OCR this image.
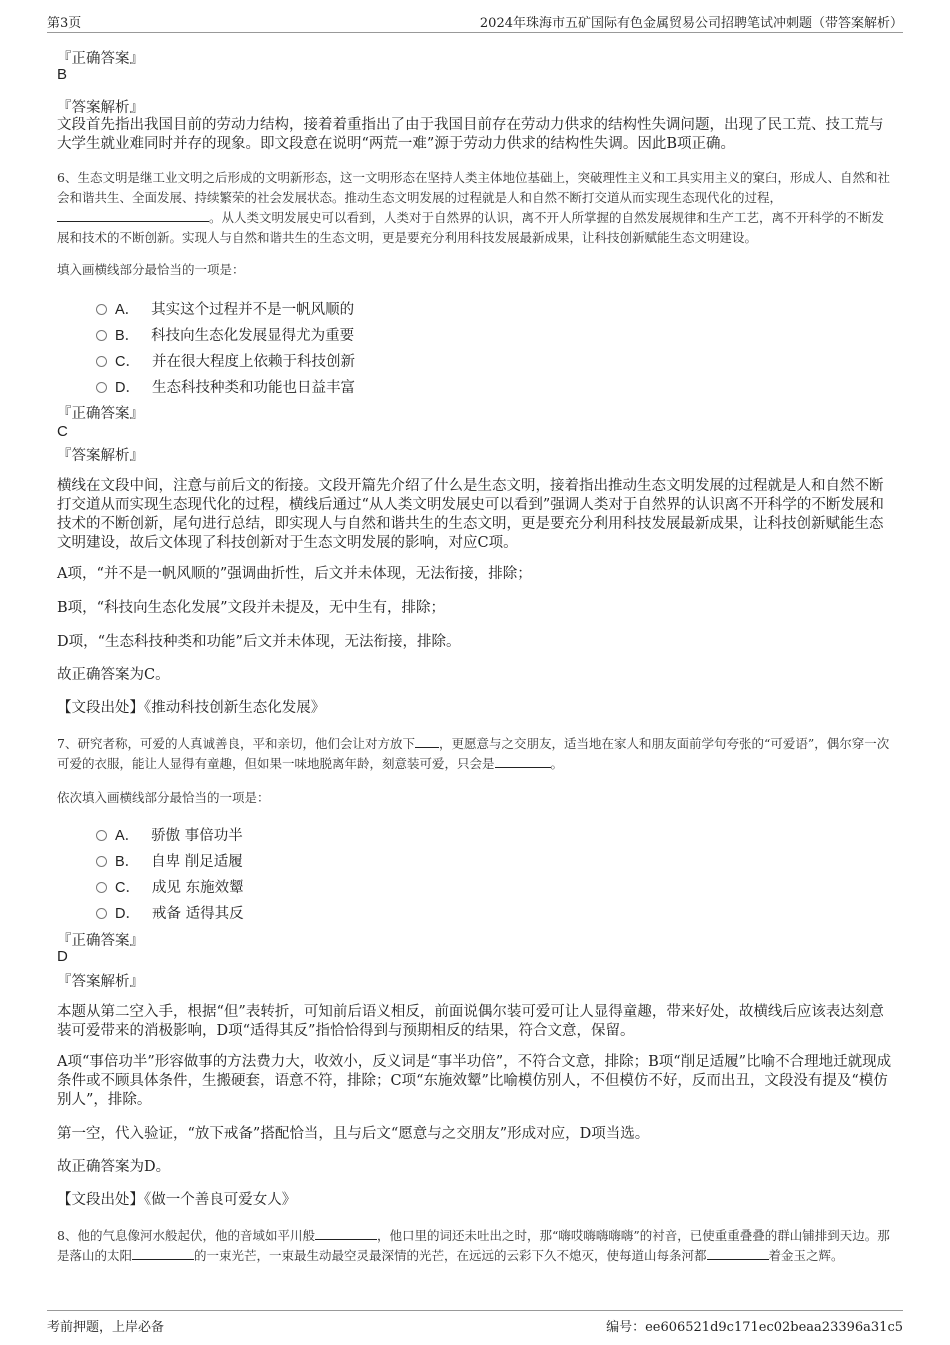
第3页	2024年珠海市五矿国际有色金属贸易公司招聘笔试冲刺题（带答案解析）
『正确答案』
B
『答案解析』

文段首先指出我国目前的劳动力结构，接着着重指出了由于我国目前存在劳动力供求的结构性失调问题，出现了民工荒、技工荒与大学生就业难同时并存的现象。即文段意在说明“两荒一难”源于劳动力供求的结构性失调。因此B项正确。

6、生态文明是继工业文明之后形成的文明新形态，这一文明形态在坚持人类主体地位基础上，突破理性主义和工具实用主义的窠臼，形成人、自然和社会和谐共生、全面发展、持续繁荣的社会发展状态。推动生态文明发展的过程就是人和自然不断打交道从而实现生态现代化的过程，。从人类文明发展史可以看到，人类对于自然界的认识，离不开人所掌握的自然发展规律和生产工艺，离不开科学的不断发展和技术的不断创新。实现人与自然和谐共生的生态文明，更是要充分利用科技发展最新成果，让科技创新赋能生态文明建设。

填入画横线部分最恰当的一项是：
A． 其实这个过程并不是一帆风顺的
B． 科技向生态化发展显得尤为重要
C． 并在很大程度上依赖于科技创新
D． 生态科技种类和功能也日益丰富
『正确答案』
C
『答案解析』

横线在文段中间，注意与前后文的衔接。文段开篇先介绍了什么是生态文明，接着指出推动生态文明发展的过程就是人和自然不断打交道从而实现生态现代化的过程，横线后通过“从人类文明发展史可以看到”强调人类对于自然界的认识离不开科学的不断发展和技术的不断创新，尾句进行总结，即实现人与自然和谐共生的生态文明，更是要充分利用科技发展最新成果，让科技创新赋能生态文明建设，故后文体现了科技创新对于生态文明发展的影响，对应C项。

A项，“并不是一帆风顺的”强调曲折性，后文并未体现，无法衔接，排除；

B项，“科技向生态化发展”文段并未提及，无中生有，排除；

D项，“生态科技种类和功能”后文并未体现，无法衔接，排除。

故正确答案为C。

【文段出处】《推动科技创新生态化发展》

7、研究者称，可爱的人真诚善良，平和亲切，他们会让对方放下 ，更愿意与之交朋友，适当地在家人和朋友面前学句夸张的“可爱语”，偶尔穿一次可爱的衣服，能让人显得有童趣，但如果一味地脱离年龄，刻意装可爱，只会是	。

依次填入画横线部分最恰当的一项是：
A． 骄傲 事倍功半
B． 自卑 削足适履
C． 成见 东施效颦
D． 戒备 适得其反
『正确答案』
D
『答案解析』

本题从第二空入手，根据“但”表转折，可知前后语义相反，前面说偶尔装可爱可让人显得童趣，带来好处，故横线后应该表达刻意装可爱带来的消极影响，D项“适得其反”指恰恰得到与预期相反的结果，符合文意，保留。

A项“事倍功半”形容做事的方法费力大，收效小，反义词是“事半功倍”，不符合文意，排除；B项“削足适履”比喻不合理地迁就现成条件或不顾具体条件，生搬硬套，语意不符，排除；C项“东施效颦”比喻模仿别人，不但模仿不好，反而出丑，文段没有提及“模仿别人”，排除。

第一空，代入验证，“放下戒备”搭配恰当，且与后文“愿意与之交朋友”形成对应，D项当选。

故正确答案为D。

【文段出处】《做一个善良可爱女人》

8、他的气息像河水般起伏，他的音域如平川般	，他口里的词还未吐出之时，那“嗨哎嗨嗨嗨嗨”的衬音，已使重重叠叠的群山铺排到天边。那是落山的太阳	的一束光芒，一束最生动最空灵最深情的光芒，在远远的云彩下久不熄灭，使每道山每条河都	着金玉之辉。

考前押题，上岸必备	编号：ee606521d9c171ec02beaa23396a31c5
